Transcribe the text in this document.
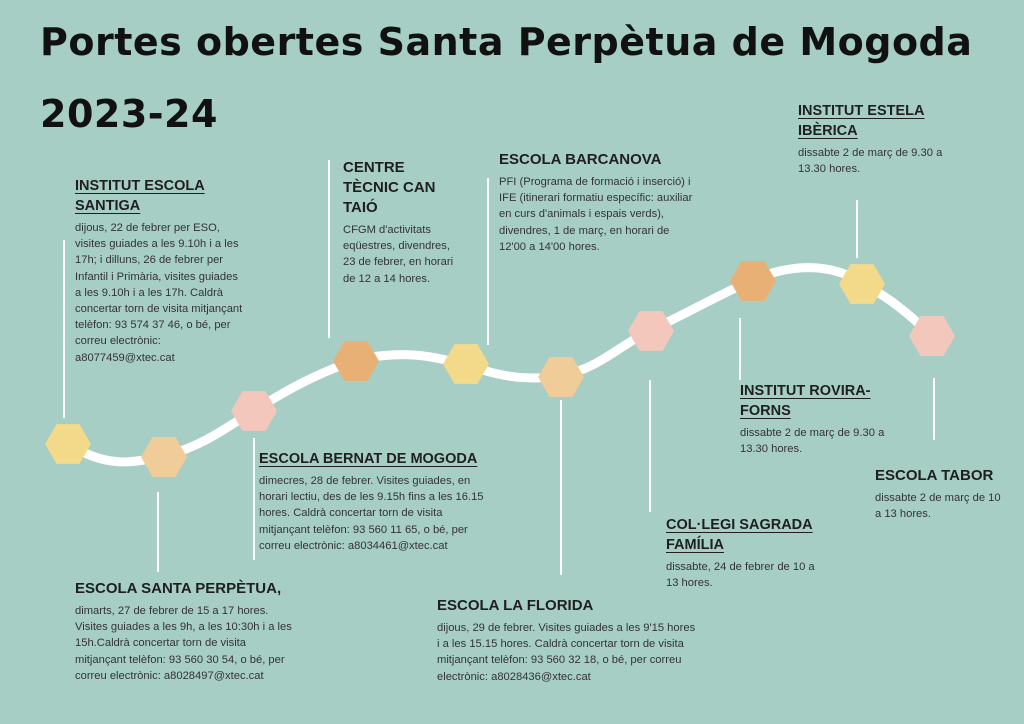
Portes obertes Santa Perpètua de Mogoda
2023-24
INSTITUT ESCOLA SANTIGA
dijous, 22 de febrer per ESO, visites guiades a les 9.10h i a les 17h; i dilluns, 26 de febrer per Infantil i Primària, visites guiades a les 9.10h i a les 17h. Caldrà concertar torn de visita mitjançant telèfon: 93 574 37 46, o bé, per correu electrònic: a8077459@xtec.cat
ESCOLA SANTA PERPÈTUA,
dimarts, 27 de febrer de 15 a 17 hores. Visites guiades a les 9h, a les 10:30h i a les 15h.Caldrà concertar torn de visita mitjançant telèfon: 93 560 30 54, o bé, per correu electrònic: a8028497@xtec.cat
ESCOLA BERNAT DE MOGODA
dimecres, 28 de febrer. Visites guiades, en horari lectiu, des de les 9.15h fins a les 16.15 hores. Caldrà concertar torn de visita mitjançant telèfon: 93 560 11 65, o bé, per correu electrònic: a8034461@xtec.cat
CENTRE TÈCNIC CAN TAIÓ
CFGM d'activitats eqüestres, divendres, 23 de febrer, en horari de 12 a 14 hores.
ESCOLA BARCANOVA
PFI (Programa de formació i inserció) i IFE (itinerari formatiu específic: auxiliar en curs d'animals i espais verds), divendres, 1 de març, en horari de 12'00 a 14'00 hores.
ESCOLA LA FLORIDA
dijous, 29 de febrer. Visites guiades a les 9'15 hores i a les 15.15 hores. Caldrà concertar torn de visita mitjançant telèfon: 93 560 32 18, o bé, per correu electrònic: a8028436@xtec.cat
COL·LEGI SAGRADA FAMÍLIA
dissabte, 24 de febrer de 10 a 13 hores.
INSTITUT ROVIRA-FORNS
dissabte 2 de març de 9.30 a 13.30 hores.
INSTITUT ESTELA IBÈRICA
dissabte 2 de març de 9.30 a 13.30 hores.
ESCOLA TABOR
dissabte 2 de març de 10 a 13 hores.
